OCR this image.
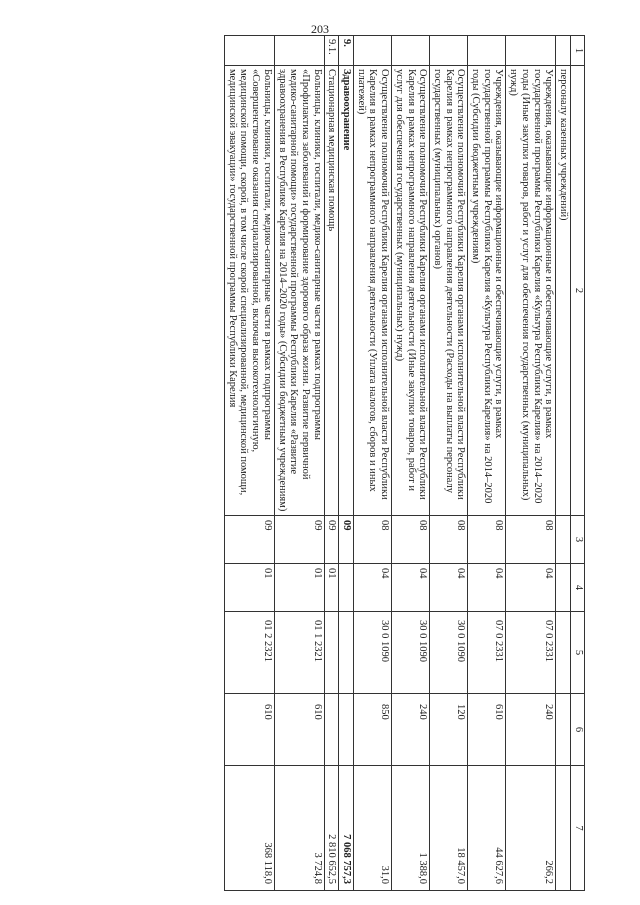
203
1	2	3	4	5	6	7
	персоналу казенных учреждений)					
	Учреждения, оказывающие информационные и обеспечивающие услуги, в рамках государственной программы Республики Карелия «Культура Республики Карелия» на 2014–2020 годы (Иные закупки товаров, работ и услуг для обеспечения государственных (муниципальных) нужд)	08	04	07 0 2331	240	266,2
	Учреждения, оказывающие информационные и обеспечивающие услуги, в рамках государственной программы Республики Карелия «Культура Республики Карелия» на 2014–2020 годы (Субсидии бюджетным учреждениям)	08	04	07 0 2331	610	44 627,6
	Осуществление полномочий Республики Карелия органами исполнительной власти Республики Карелия в рамках непрограммного направления деятельности (Расходы на выплаты персоналу государственных (муниципальных) органов)	08	04	30 0 1090	120	18 457,0
	Осуществление полномочий Республики Карелия органами исполнительной власти Республики Карелия в рамках непрограммного направления деятельности (Иные закупки товаров, работ и услуг для обеспечения государственных (муниципальных) нужд)	08	04	30 0 1090	240	1 388,0
	Осуществление полномочий Республики Карелия органами исполнительной власти Республики Карелия в рамках непрограммного направления деятельности (Уплата налогов, сборов и иных платежей)	08	04	30 0 1090	850	31,0
9.	Здравоохранение	09				7 068 757,3
9.1.	Стационарная медицинская помощь	09	01			2 810 652,5
	Больницы, клиники, госпитали, медико-санитарные части в рамках подпрограммы «Профилактика заболеваний и формирование здорового образа жизни. Развитие первичной медико-санитарной помощи» государственной программы Республики Карелия «Развитие здравоохранения в Республике Карелия на 2014–2020 годы» (Субсидии бюджетным учреждениям)	09	01	01 1 2321	610	3 724,8
	Больницы, клиники, госпитали, медико-санитарные части в рамках подпрограммы «Совершенствование оказания специализированной, включая высокотехнологичную, медицинской помощи, скорой, в том числе скорой специализированной, медицинской помощи, медицинской эвакуации» государственной программы Республики Карелия	09	01	01 2 2321	610	368 118,0
